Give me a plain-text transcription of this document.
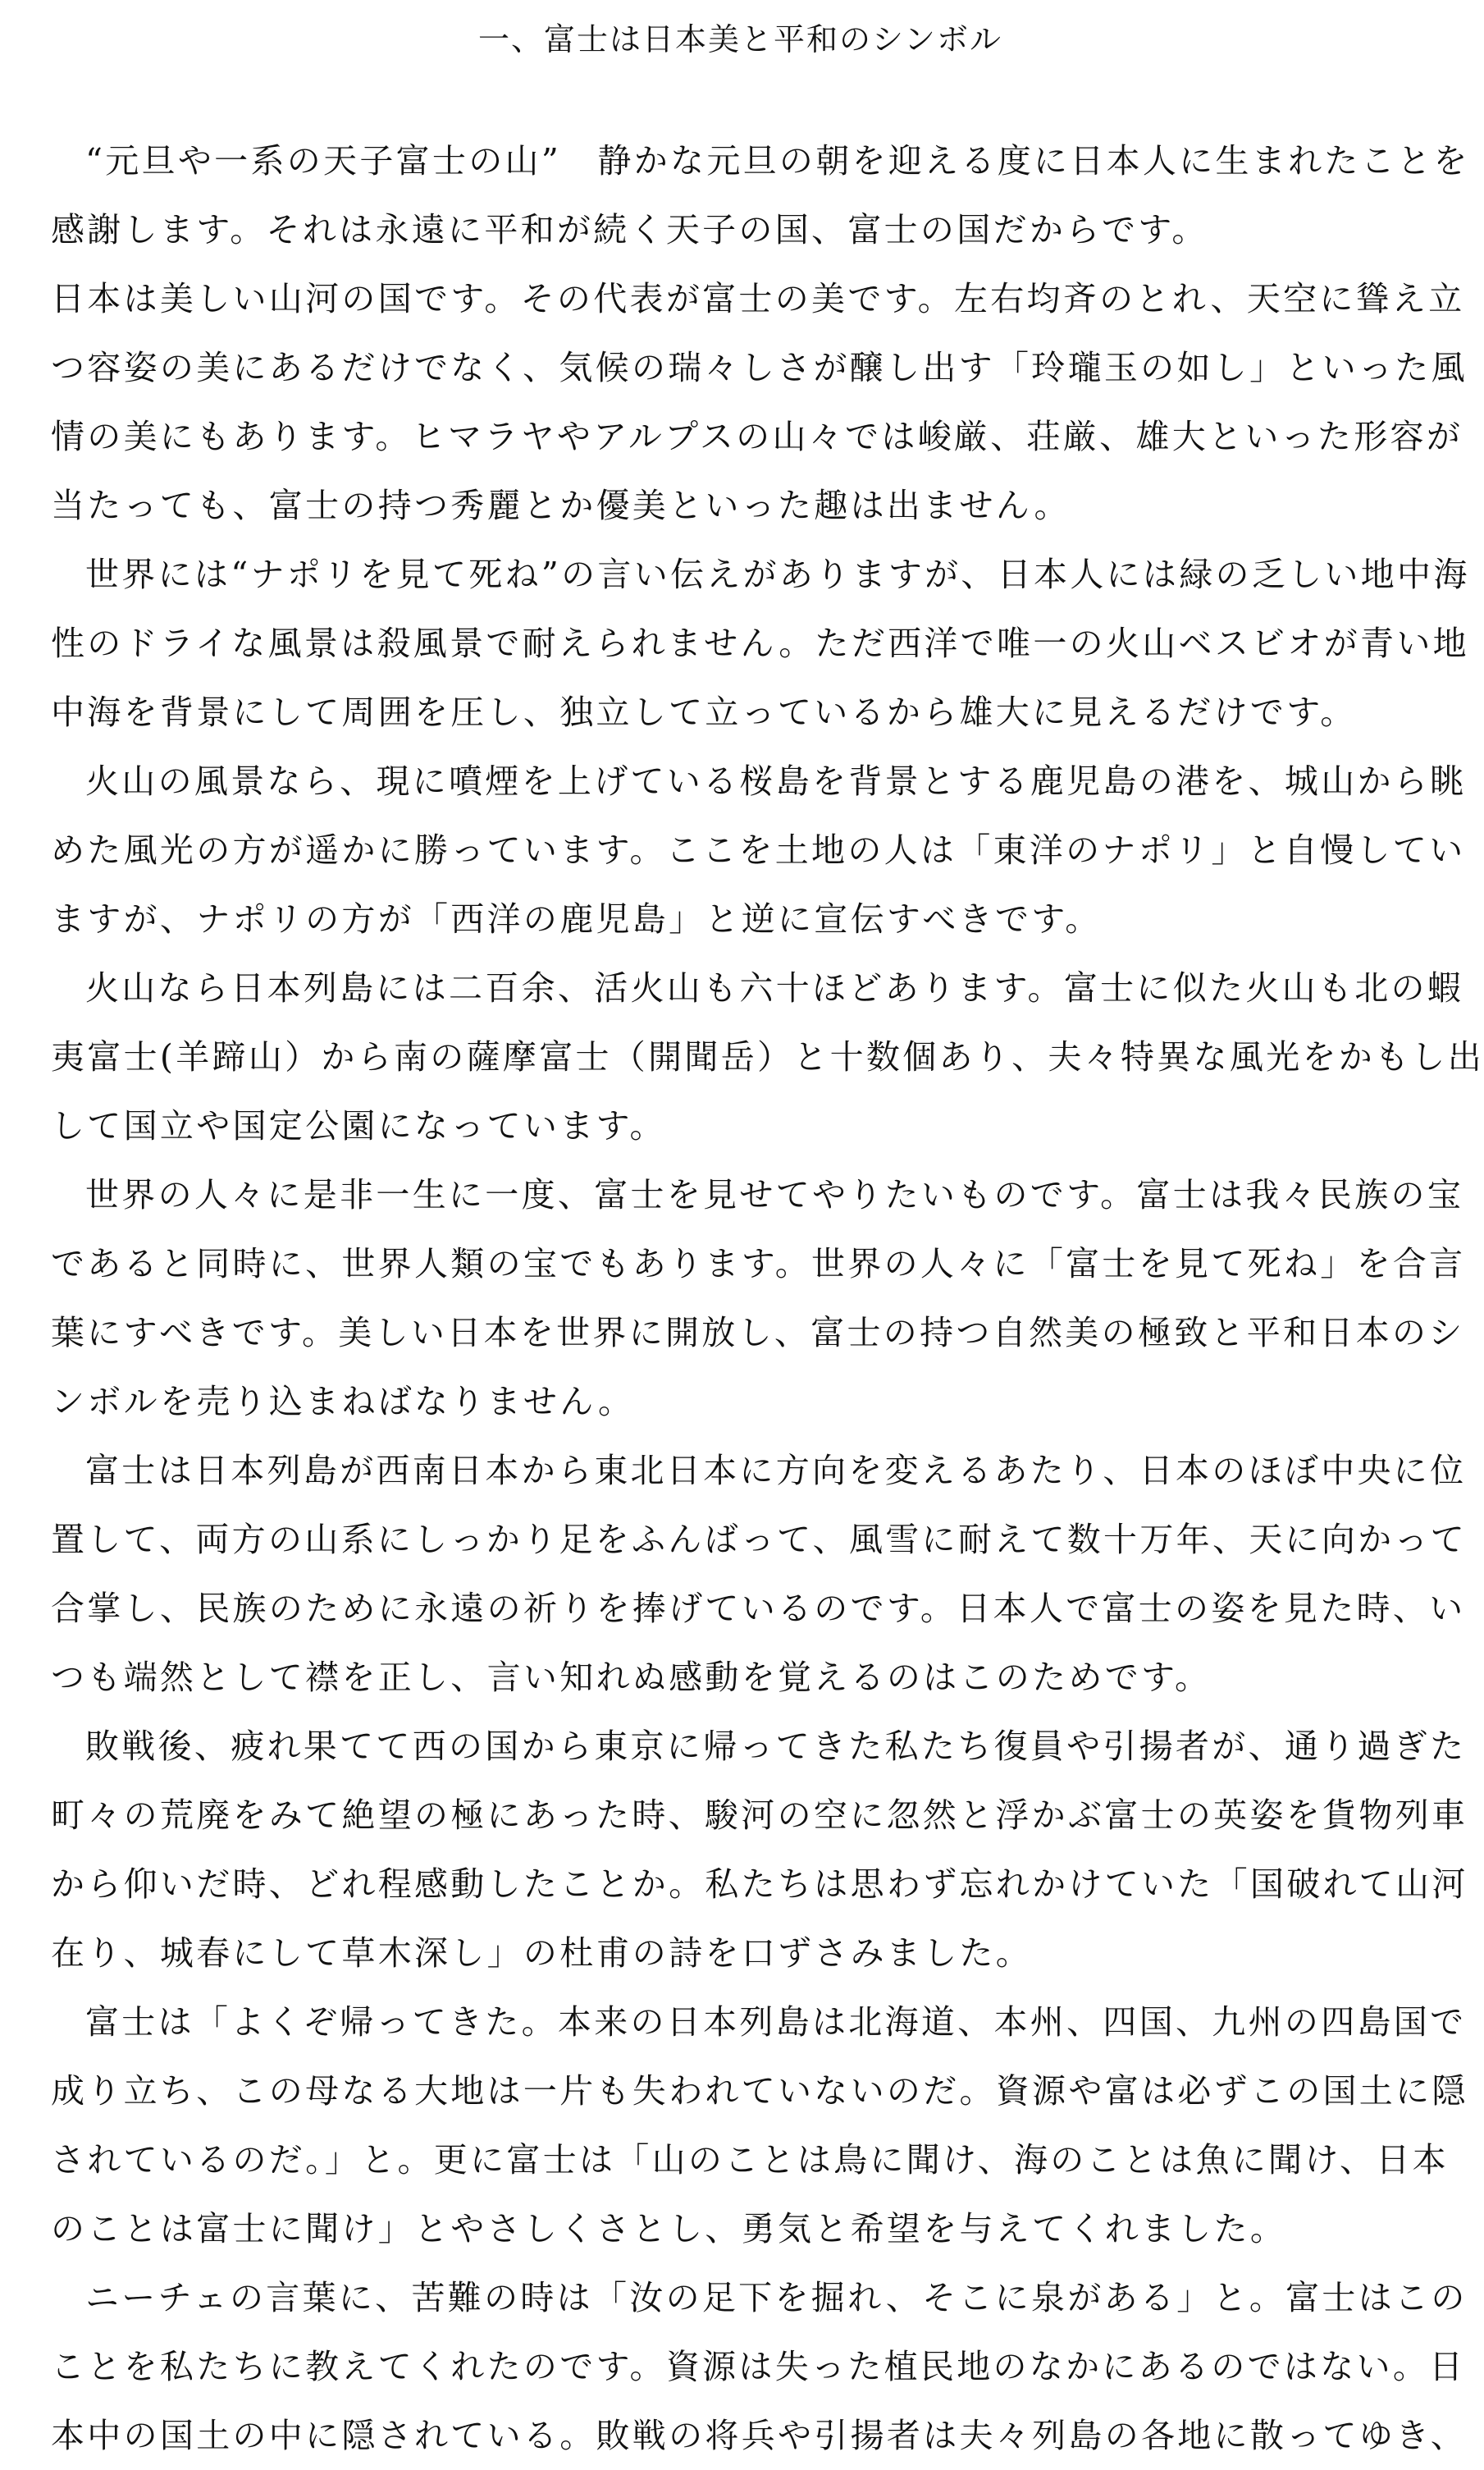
一、富士は日本美と平和のシンボル
“元旦や一系の天子富士の山”　静かな元旦の朝を迎える度に日本人に生まれたことを
感謝します。それは永遠に平和が続く天子の国、富士の国だからです。
日本は美しい山河の国です。その代表が富士の美です。左右均斉のとれ、天空に聳え立
つ容姿の美にあるだけでなく、気候の瑞々しさが醸し出す「玲瓏玉の如し」といった風
情の美にもあります。ヒマラヤやアルプスの山々では峻厳、荘厳、雄大といった形容が
当たっても、富士の持つ秀麗とか優美といった趣は出ません。
世界には“ナポリを見て死ね”の言い伝えがありますが、日本人には緑の乏しい地中海
性のドライな風景は殺風景で耐えられません。ただ西洋で唯一の火山ベスビオが青い地
中海を背景にして周囲を圧し、独立して立っているから雄大に見えるだけです。
火山の風景なら、現に噴煙を上げている桜島を背景とする鹿児島の港を、城山から眺
めた風光の方が遥かに勝っています。ここを土地の人は「東洋のナポリ」と自慢してい
ますが、ナポリの方が「西洋の鹿児島」と逆に宣伝すべきです。
火山なら日本列島には二百余、活火山も六十ほどあります。富士に似た火山も北の蝦
夷富士(羊蹄山）から南の薩摩富士（開聞岳）と十数個あり、夫々特異な風光をかもし出
して国立や国定公園になっています。
世界の人々に是非一生に一度、富士を見せてやりたいものです。富士は我々民族の宝
であると同時に、世界人類の宝でもあります。世界の人々に「富士を見て死ね」を合言
葉にすべきです。美しい日本を世界に開放し、富士の持つ自然美の極致と平和日本のシ
ンボルを売り込まねばなりません。
富士は日本列島が西南日本から東北日本に方向を変えるあたり、日本のほぼ中央に位
置して、両方の山系にしっかり足をふんばって、風雪に耐えて数十万年、天に向かって
合掌し、民族のために永遠の祈りを捧げているのです。日本人で富士の姿を見た時、い
つも端然として襟を正し、言い知れぬ感動を覚えるのはこのためです。
敗戦後、疲れ果てて西の国から東京に帰ってきた私たち復員や引揚者が、通り過ぎた
町々の荒廃をみて絶望の極にあった時、駿河の空に忽然と浮かぶ富士の英姿を貨物列車
から仰いだ時、どれ程感動したことか。私たちは思わず忘れかけていた「国破れて山河
在り、城春にして草木深し」の杜甫の詩を口ずさみました。
富士は「よくぞ帰ってきた。本来の日本列島は北海道、本州、四国、九州の四島国で
成り立ち、この母なる大地は一片も失われていないのだ。資源や富は必ずこの国土に隠
されているのだ。」と。更に富士は「山のことは鳥に聞け、海のことは魚に聞け、日本
のことは富士に聞け」とやさしくさとし、勇気と希望を与えてくれました。
ニーチェの言葉に、苦難の時は「汝の足下を掘れ、そこに泉がある」と。富士はこの
ことを私たちに教えてくれたのです。資源は失った植民地のなかにあるのではない。日
本中の国土の中に隠されている。敗戦の将兵や引揚者は夫々列島の各地に散ってゆき、
